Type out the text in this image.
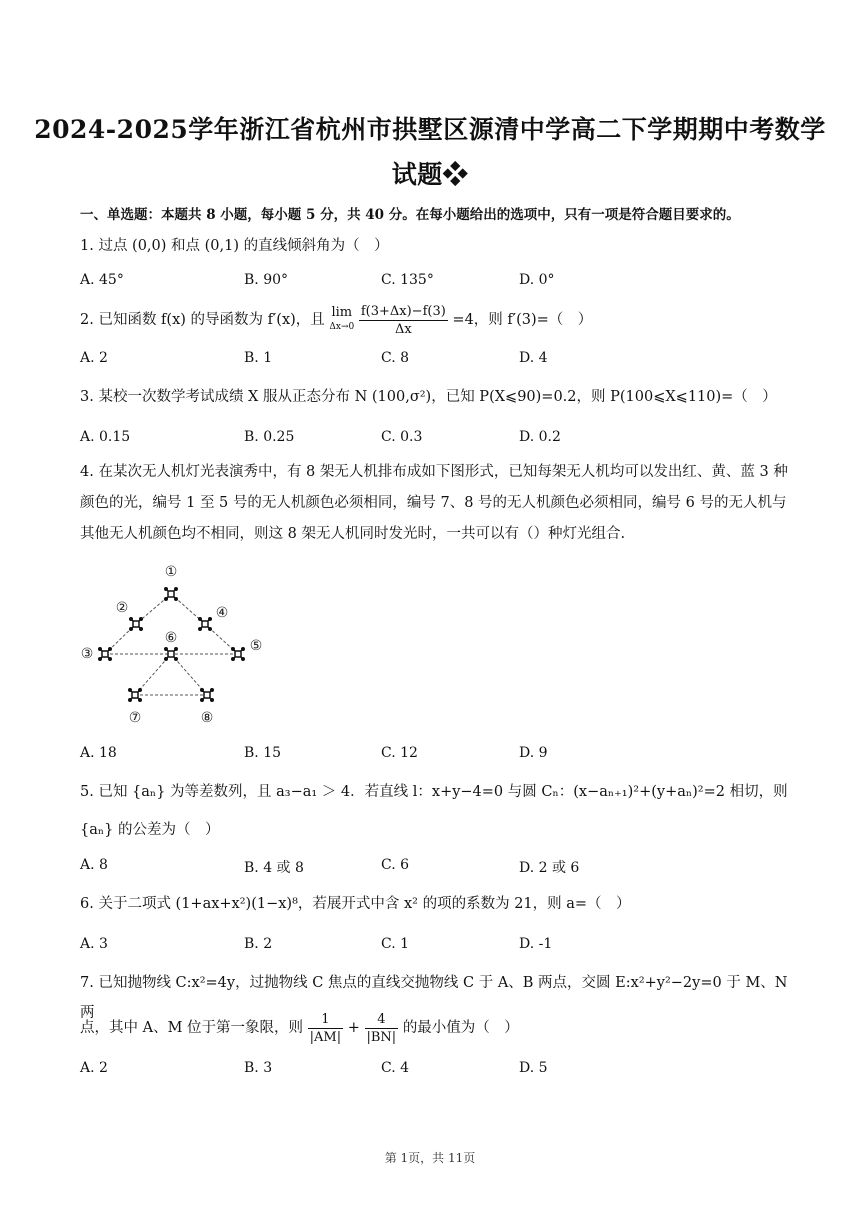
2024-2025学年浙江省杭州市拱墅区源清中学高二下学期期中考数学
试题❖
一、单选题：本题共 8 小题，每小题 5 分，共 40 分。在每小题给出的选项中，只有一项是符合题目要求的。
1. 过点 (0,0) 和点 (0,1) 的直线倾斜角为（　）
A. 45°	B. 90°	C. 135°	D. 0°
2. 已知函数 f(x) 的导函数为 f′(x)，且 lim
Δx→0
$\frac{f(3+\Delta x)-f(3)}{\Delta x} =4$，则 f′(3)=（　）
A. 2	B. 1	C. 8	D. 4
3. 某校一次数学考试成绩 X 服从正态分布 N (100,σ²)，已知 P(X⩽90)=0.2，则 P(100⩽X⩽110)=（　）
A. 0.15	B. 0.25	C. 0.3	D. 0.2
4. 在某次无人机灯光表演秀中，有 8 架无人机排布成如下图形式，已知每架无人机均可以发出红、黄、蓝 3 种颜色的光，编号 1 至 5 号的无人机颜色必须相同，编号 7、8 号的无人机颜色必须相同，编号 6 号的无人机与其他无人机颜色均不相同，则这 8 架无人机同时发光时，一共可以有（）种灯光组合.
①
②
③
④
⑤
⑥
⑦	⑧
A. 18	B. 15	C. 12	D. 9
5. 已知 {aₙ} 为等差数列，且 a₃−a₁ ＞ 4．若直线 l：x+y−4=0 与圆 Cₙ：(x−aₙ₊₁)²+(y+aₙ)²=2 相切，则
{aₙ} 的公差为（　）
A. 8	B. 4 或 8	C. 6	D. 2 或 6
6. 关于二项式 (1+ax+x²)(1−x)⁸，若展开式中含 x² 的项的系数为 21，则 a=（　）
A. 3	B. 2	C. 1	D. -1
7. 已知抛物线 C:x²=4y，过抛物线 C 焦点的直线交抛物线 C 于 A、B 两点，交圆 E:x²+y²−2y=0 于 M、N 两
点，其中 A、M 位于第一象限，则 $\frac{1}{|AM|} + \frac{4}{|BN|}$ 的最小值为（　）
A. 2	B. 3	C. 4	D. 5
第 1页，共 11页
